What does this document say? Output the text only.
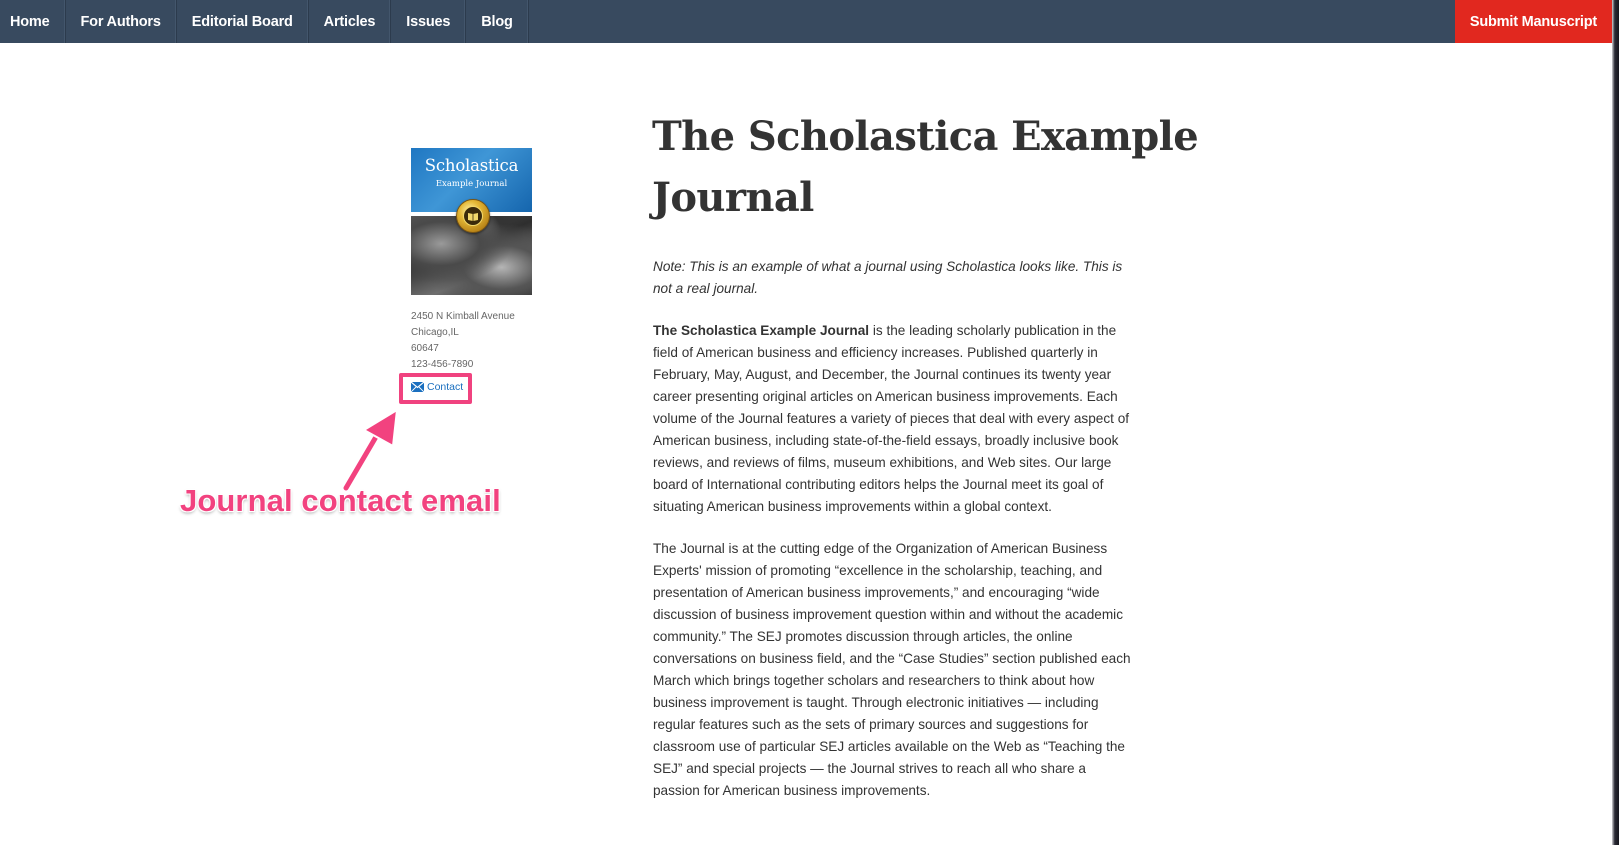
Home	For Authors	Editorial Board	Articles	Issues	Blog	Submit Manuscript
Scholastica
Example Journal
2450 N Kimball Avenue
Chicago,IL
60647
123-456-7890
Contact
Journal contact email
The Scholastica Example Journal

Note: This is an example of what a journal using Scholastica looks like. This is not a real journal.

The Scholastica Example Journal is the leading scholarly publication in the field of American business and efficiency increases. Published quarterly in February, May, August, and December, the Journal continues its twenty year career presenting original articles on American business improvements. Each volume of the Journal features a variety of pieces that deal with every aspect of American business, including state-of-the-field essays, broadly inclusive book reviews, and reviews of films, museum exhibitions, and Web sites. Our large board of International contributing editors helps the Journal meet its goal of situating American business improvements within a global context.

The Journal is at the cutting edge of the Organization of American Business Experts' mission of promoting “excellence in the scholarship, teaching, and presentation of American business improvements,” and encouraging “wide discussion of business improvement question within and without the academic community.” The SEJ promotes discussion through articles, the online conversations on business field, and the “Case Studies” section published each March which brings together scholars and researchers to think about how business improvement is taught. Through electronic initiatives — including regular features such as the sets of primary sources and suggestions for classroom use of particular SEJ articles available on the Web as “Teaching the SEJ” and special projects — the Journal strives to reach all who share a passion for American business improvements.
